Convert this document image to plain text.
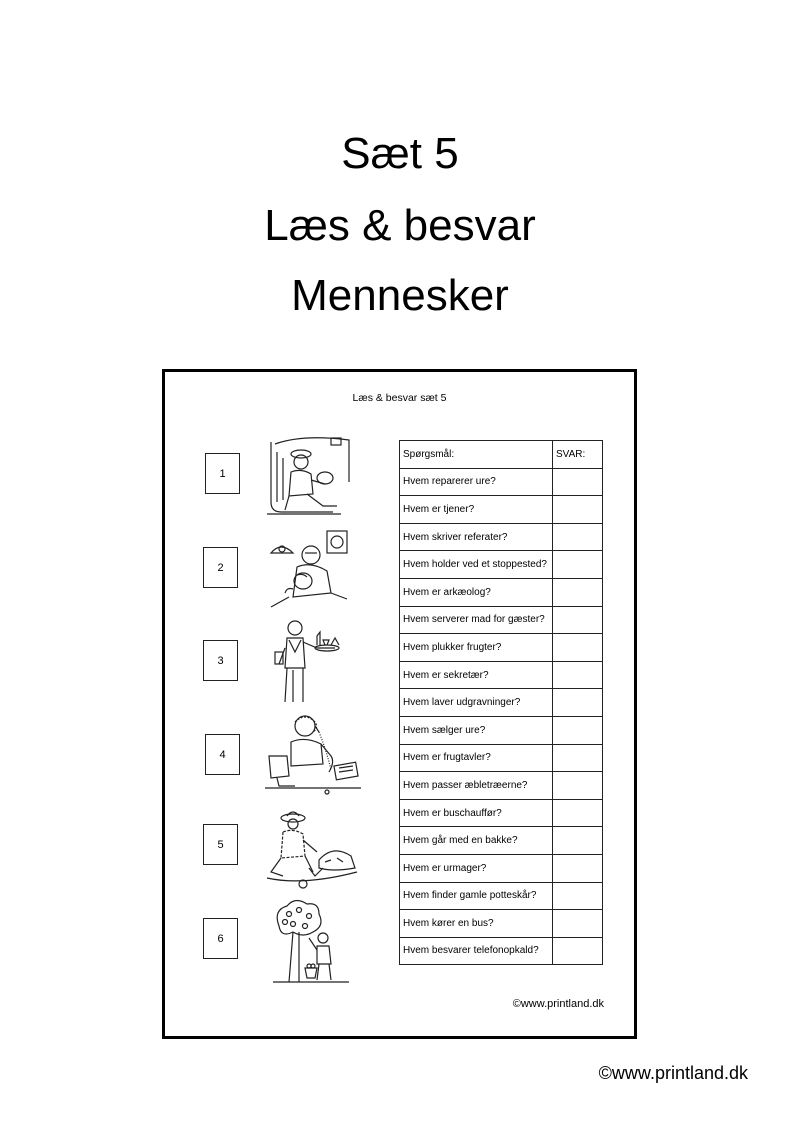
Sæt 5
Læs & besvar
Mennesker
Læs & besvar sæt 5
1
2
3
4
5
6
Spørgsmål:	SVAR:
Hvem reparerer ure?	
Hvem er tjener?	
Hvem skriver referater?	
Hvem holder ved et stoppested?	
Hvem er arkæolog?	
Hvem serverer mad for gæster?	
Hvem plukker frugter?	
Hvem er sekretær?	
Hvem laver udgravninger?	
Hvem sælger ure?	
Hvem er frugtavler?	
Hvem passer æbletræerne?	
Hvem er buschauffør?	
Hvem går med en bakke?	
Hvem er urmager?	
Hvem finder gamle potteskår?	
Hvem kører en bus?	
Hvem besvarer telefonopkald?	
©www.printland.dk
©www.printland.dk
